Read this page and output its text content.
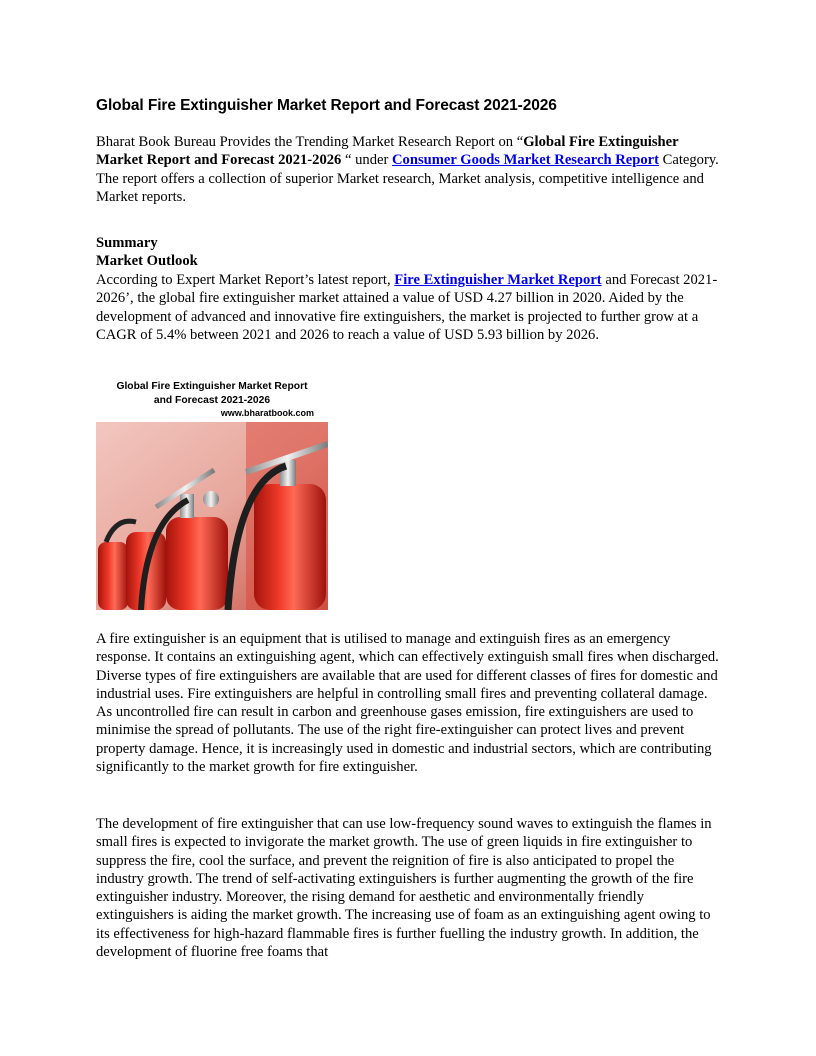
Global Fire Extinguisher Market Report and Forecast 2021-2026
Bharat Book Bureau Provides the Trending Market Research Report on “Global Fire Extinguisher Market Report and Forecast 2021-2026 “ under Consumer Goods Market Research Report Category. The report offers a collection of superior Market research, Market analysis, competitive intelligence and Market reports.
Summary
Market Outlook
According to Expert Market Report’s latest report, Fire Extinguisher Market Report and Forecast 2021-2026’, the global fire extinguisher market attained a value of USD 4.27 billion in 2020. Aided by the development of advanced and innovative fire extinguishers, the market is projected to further grow at a CAGR of 5.4% between 2021 and 2026 to reach a value of USD 5.93 billion by 2026.
Global Fire Extinguisher Market Report
and Forecast 2021-2026
www.bharatbook.com
A fire extinguisher is an equipment that is utilised to manage and extinguish fires as an emergency response. It contains an extinguishing agent, which can effectively extinguish small fires when discharged. Diverse types of fire extinguishers are available that are used for different classes of fires for domestic and industrial uses. Fire extinguishers are helpful in controlling small fires and preventing collateral damage. As uncontrolled fire can result in carbon and greenhouse gases emission, fire extinguishers are used to minimise the spread of pollutants. The use of the right fire-extinguisher can protect lives and prevent property damage. Hence, it is increasingly used in domestic and industrial sectors, which are contributing significantly to the market growth for fire extinguisher.
The development of fire extinguisher that can use low-frequency sound waves to extinguish the flames in small fires is expected to invigorate the market growth. The use of green liquids in fire extinguisher to suppress the fire, cool the surface, and prevent the reignition of fire is also anticipated to propel the industry growth. The trend of self-activating extinguishers is further augmenting the growth of the fire extinguisher industry. Moreover, the rising demand for aesthetic and environmentally friendly extinguishers is aiding the market growth. The increasing use of foam as an extinguishing agent owing to its effectiveness for high-hazard flammable fires is further fuelling the industry growth. In addition, the development of fluorine free foams that
